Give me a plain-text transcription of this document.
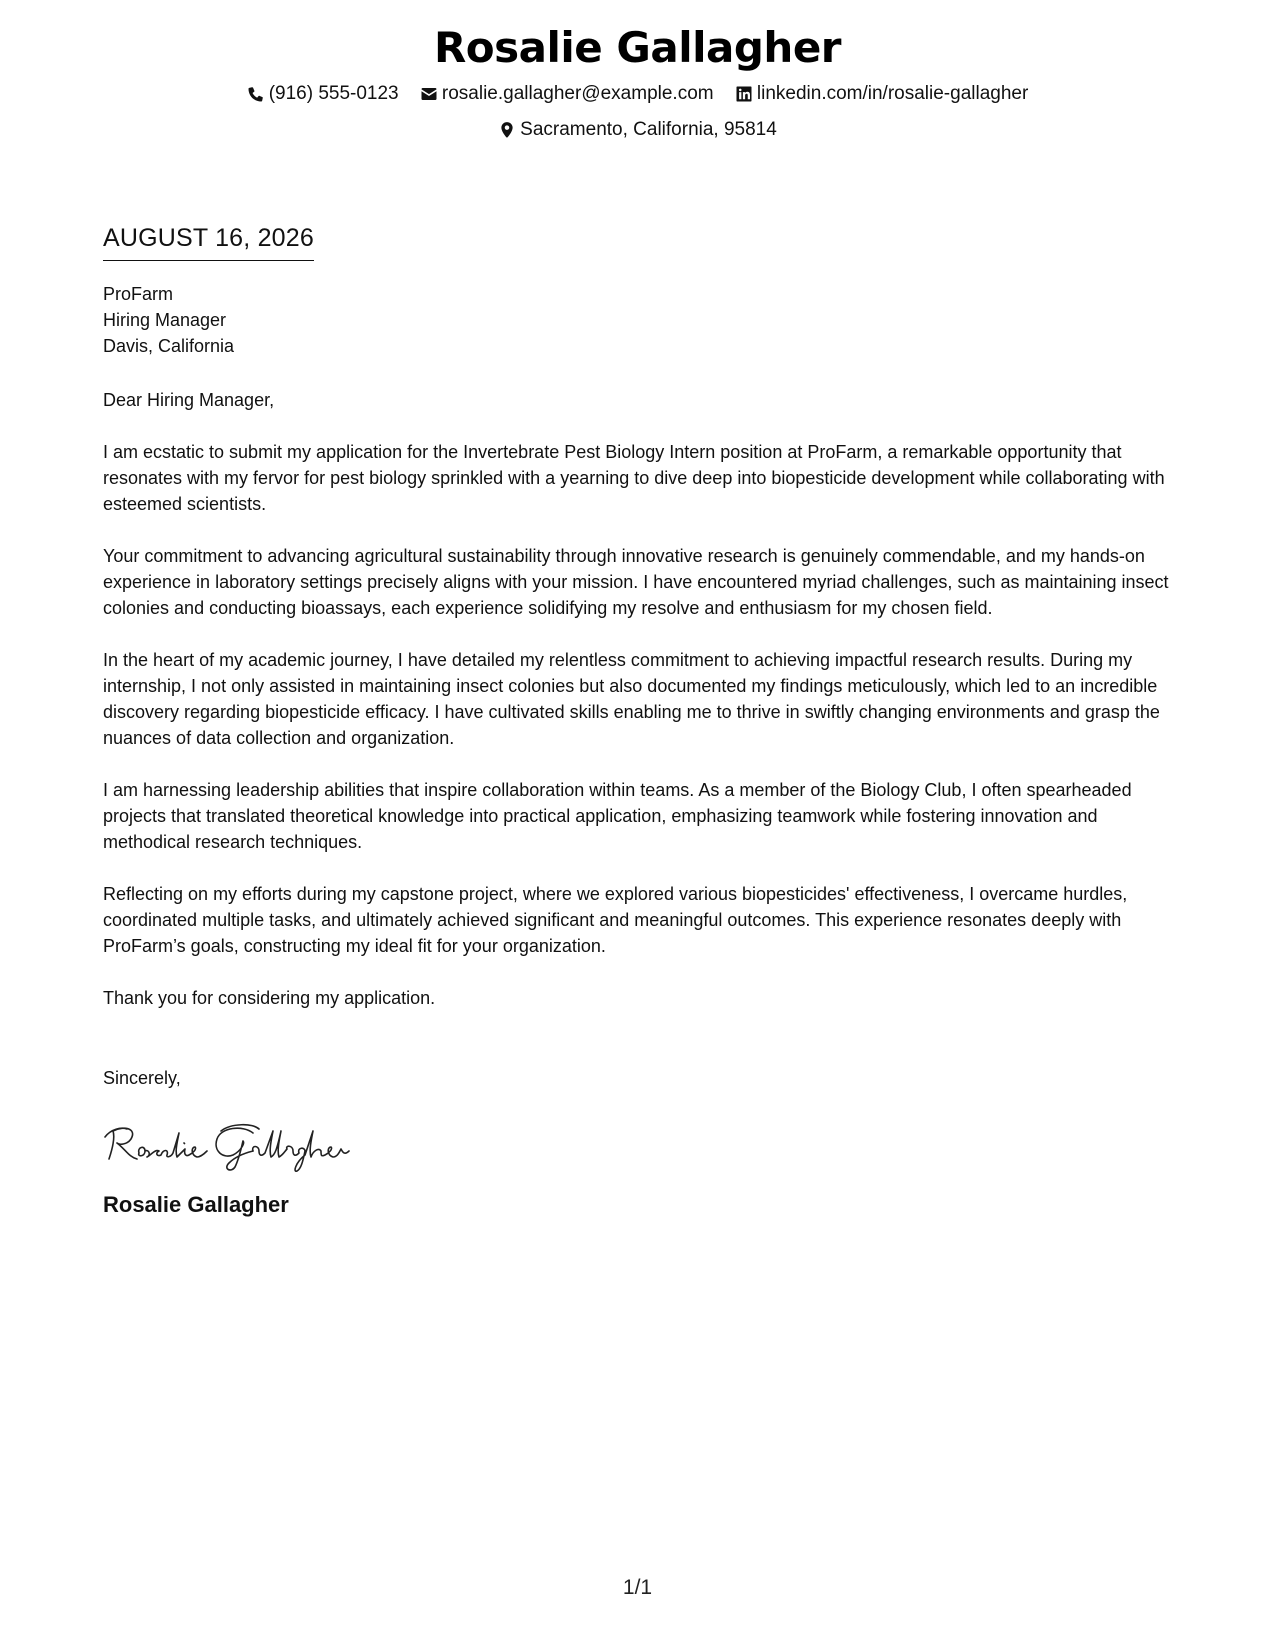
Rosalie Gallagher
(916) 555-0123
rosalie.gallagher@example.com
linkedin.com/in/rosalie-gallagher
Sacramento, California, 95814
AUGUST 16, 2026
ProFarm
Hiring Manager
Davis, California
Dear Hiring Manager,
I am ecstatic to submit my application for the Invertebrate Pest Biology Intern position at ProFarm, a remarkable opportunity that resonates with my fervor for pest biology sprinkled with a yearning to dive deep into biopesticide development while collaborating with esteemed scientists.
Your commitment to advancing agricultural sustainability through innovative research is genuinely commendable, and my hands-on experience in laboratory settings precisely aligns with your mission. I have encountered myriad challenges, such as maintaining insect colonies and conducting bioassays, each experience solidifying my resolve and enthusiasm for my chosen field.
In the heart of my academic journey, I have detailed my relentless commitment to achieving impactful research results. During my internship, I not only assisted in maintaining insect colonies but also documented my findings meticulously, which led to an incredible discovery regarding biopesticide efficacy. I have cultivated skills enabling me to thrive in swiftly changing environments and grasp the nuances of data collection and organization.
I am harnessing leadership abilities that inspire collaboration within teams. As a member of the Biology Club, I often spearheaded projects that translated theoretical knowledge into practical application, emphasizing teamwork while fostering innovation and methodical research techniques.
Reflecting on my efforts during my capstone project, where we explored various biopesticides' effectiveness, I overcame hurdles, coordinated multiple tasks, and ultimately achieved significant and meaningful outcomes. This experience resonates deeply with ProFarm’s goals, constructing my ideal fit for your organization.
Thank you for considering my application.
Sincerely,
Rosalie Gallagher
1/1
